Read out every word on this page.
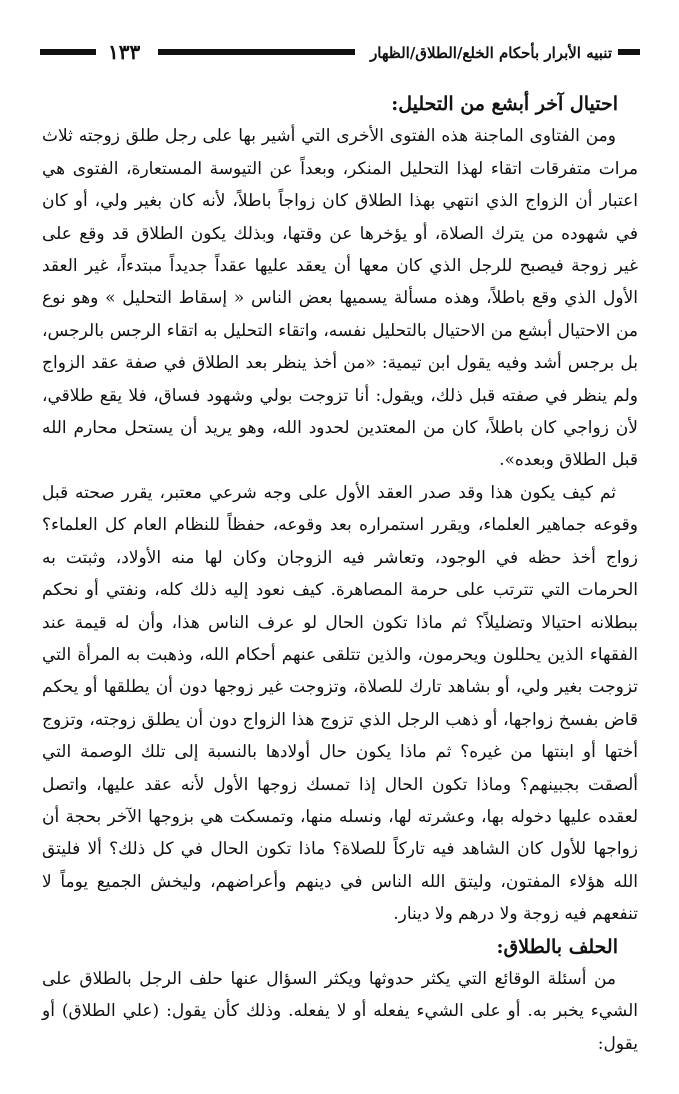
تنبيه الأبرار بأحكام الخلع/الطلاق/الظهار
١٣٣
احتيال آخر أبشع من التحليل:

ومن الفتاوى الماجنة هذه الفتوى الأخرى التي أشير بها على رجل طلق زوجته ثلاث مرات متفرقات اتقاء لهذا التحليل المنكر، وبعداً عن التيوسة المستعارة، الفتوى هي اعتبار أن الزواج الذي انتهي بهذا الطلاق كان زواجاً باطلاً، لأنه كان بغير ولي، أو كان في شهوده من يترك الصلاة، أو يؤخرها عن وقتها، وبذلك يكون الطلاق قد وقع على غير زوجة فيصبح للرجل الذي كان معها أن يعقد عليها عقداً جديداً مبتدءاً، غير العقد الأول الذي وقع باطلاً، وهذه مسألة يسميها بعض الناس « إسقاط التحليل » وهو نوع من الاحتيال أبشع من الاحتيال بالتحليل نفسه، واتقاء التحليل به اتقاء الرجس بالرجس، بل برجس أشد وفيه يقول ابن تيمية: «من أخذ ينظر بعد الطلاق في صفة عقد الزواج ولم ينظر في صفته قبل ذلك، ويقول: أنا تزوجت بولي وشهود فساق، فلا يقع طلاقي، لأن زواجي كان باطلاً، كان من المعتدين لحدود الله، وهو يريد أن يستحل محارم الله قبل الطلاق وبعده».

ثم كيف يكون هذا وقد صدر العقد الأول على وجه شرعي معتبر، يقرر صحته قبل وقوعه جماهير العلماء، ويقرر استمراره بعد وقوعه، حفظاً للنظام العام كل العلماء؟ زواج أخذ حظه في الوجود، وتعاشر فيه الزوجان وكان لها منه الأولاد، وثبتت به الحرمات التي تترتب على حرمة المصاهرة. كيف نعود إليه ذلك كله، ونفتي أو نحكم ببطلانه احتيالا وتضليلاً؟ ثم ماذا تكون الحال لو عرف الناس هذا، وأن له قيمة عند الفقهاء الذين يحللون ويحرمون، والذين تتلقى عنهم أحكام الله، وذهبت به المرأة التي تزوجت بغير ولي، أو بشاهد تارك للصلاة، وتزوجت غير زوجها دون أن يطلقها أو يحكم قاض بفسخ زواجها، أو ذهب الرجل الذي تزوج هذا الزواج دون أن يطلق زوجته، وتزوج أختها أو ابنتها من غيره؟ ثم ماذا يكون حال أولادها بالنسبة إلى تلك الوصمة التي ألصقت بجبينهم؟ وماذا تكون الحال إذا تمسك زوجها الأول لأنه عقد عليها، واتصل لعقده عليها دخوله بها، وعشرته لها، ونسله منها، وتمسكت هي بزوجها الآخر بحجة أن زواجها للأول كان الشاهد فيه تاركاً للصلاة؟ ماذا تكون الحال في كل ذلك؟ ألا فليتق الله هؤلاء المفتون، وليتق الله الناس في دينهم وأعراضهم، وليخش الجميع يوماً لا تنفعهم فيه زوجة ولا درهم ولا دينار.

الحلف بالطلاق:

من أسئلة الوقائع التي يكثر حدوثها ويكثر السؤال عنها حلف الرجل بالطلاق على الشيء يخبر به. أو على الشيء يفعله أو لا يفعله. وذلك كأن يقول: (علي الطلاق) أو يقول:
